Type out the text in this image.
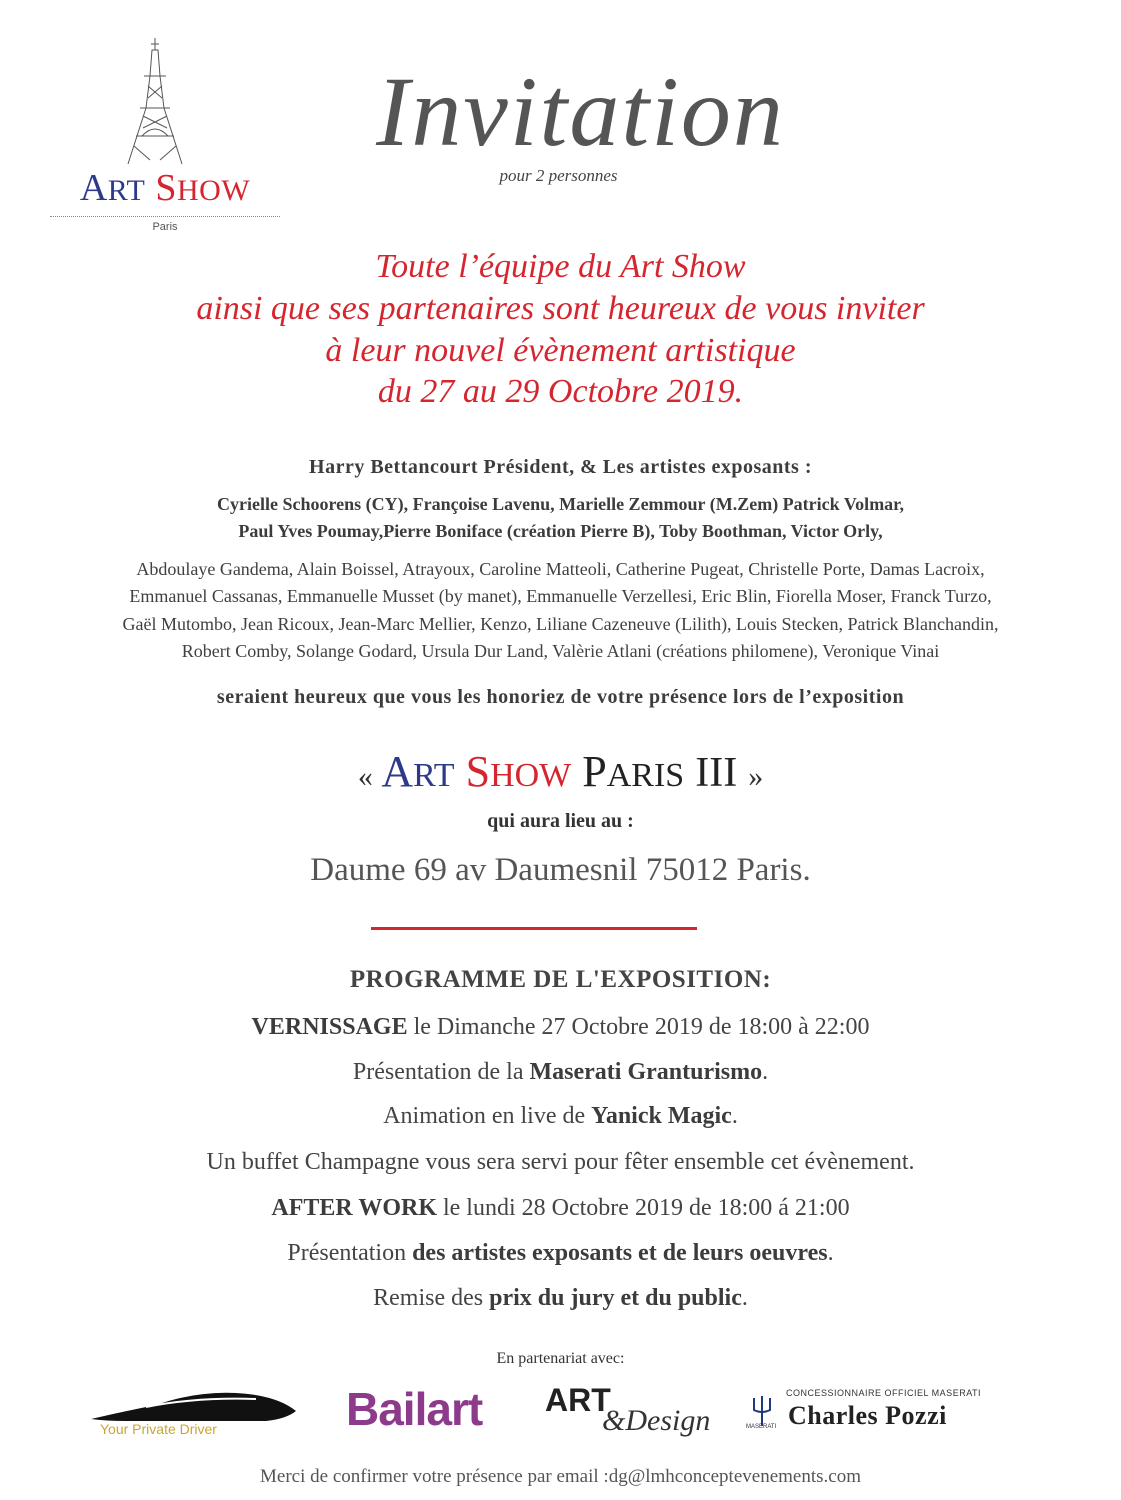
ART SHOW
Paris
Invitation
pour 2 personnes
Toute l’équipe du Art Show
ainsi que ses partenaires sont heureux de vous inviter
à leur nouvel évènement artistique
du 27 au 29 Octobre 2019.
Harry Bettancourt Président, & Les artistes exposants :
Cyrielle Schoorens (CY), Françoise Lavenu, Marielle Zemmour (M.Zem) Patrick Volmar,
Paul Yves Poumay,Pierre Boniface (création Pierre B), Toby Boothman, Victor Orly,
Abdoulaye Gandema, Alain Boissel, Atrayoux, Caroline Matteoli, Catherine Pugeat, Christelle Porte, Damas Lacroix,
Emmanuel Cassanas, Emmanuelle Musset (by manet), Emmanuelle Verzellesi, Eric Blin, Fiorella Moser, Franck Turzo,
Gaël Mutombo, Jean Ricoux, Jean-Marc Mellier, Kenzo, Liliane Cazeneuve (Lilith), Louis Stecken, Patrick Blanchandin,
Robert Comby, Solange Godard, Ursula Dur Land, Valèrie Atlani (créations philomene), Veronique Vinai
seraient heureux que vous les honoriez de votre présence lors de l’exposition
« ART SHOW PARIS III »
qui aura lieu au :
Daume 69 av Daumesnil 75012 Paris.
PROGRAMME DE L'EXPOSITION:
VERNISSAGE le Dimanche 27 Octobre 2019 de 18:00 à 22:00
Présentation de la Maserati Granturismo.
Animation en live de Yanick Magic.
Un buffet Champagne vous sera servi pour fêter ensemble cet évènement.
AFTER WORK le lundi 28 Octobre 2019 de 18:00 á 21:00
Présentation des artistes exposants et de leurs oeuvres.
Remise des prix du jury et du public.
En partenariat avec:
Your Private Driver	Bailart ART
&Design	MASERATI
CONCESSIONNAIRE OFFICIEL MASERATI
Charles Pozzi
Merci de confirmer votre présence par email :dg@lmhconceptevenements.com
